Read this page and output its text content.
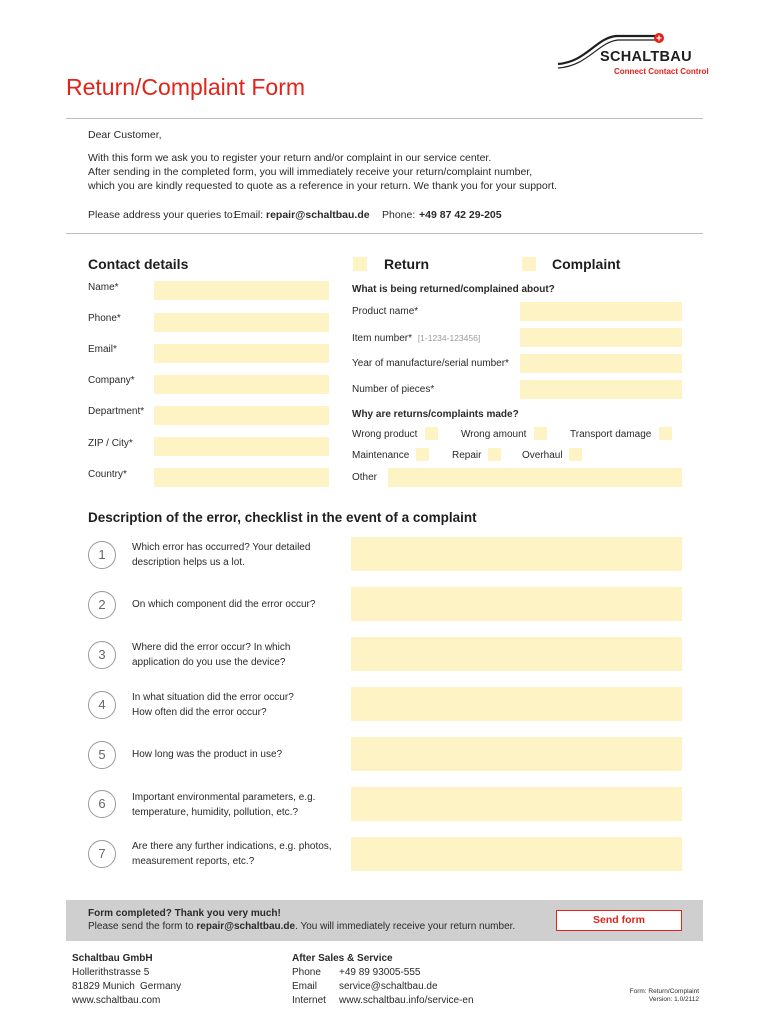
SCHALTBAU
Connect Contact Control
Return/Complaint Form
Dear Customer,
With this form we ask you to register your return and/or complaint in our service center.
After sending in the completed form, you will immediately receive your return/complaint number,
which you are kindly requested to quote as a reference in your return. We thank you for your support.
Please address your queries to:
Email: repair@schaltbau.de Phone: +49 87 42 29-205
Contact details
Name*
Phone*
Email*
Company*
Department*
ZIP / City*
Country*
Return	Complaint
What is being returned/complained about?
Product name*
Item number* [1-1234-123456]
Year of manufacture/serial number*
Number of pieces*
Why are returns/complaints made?
Wrong product	Wrong amount	Transport damage
Maintenance	Repair	Overhaul
Other
Description of the error, checklist in the event of a complaint
1	Which error has occurred? Your detailed
description helps us a lot.
2	On which component did the error occur?
3	Where did the error occur? In which
application do you use the device?
4	In what situation did the error occur?
How often did the error occur?
5	How long was the product in use?
6	Important environmental parameters, e.g.
temperature, humidity, pollution, etc.?
7	Are there any further indications, e.g. photos,
measurement reports, etc.?
Form completed? Thank you very much!
Please send the form to repair@schaltbau.de. You will immediately receive your return number.
Send form
Schaltbau GmbH
Hollerithstrasse 5
81829 Munich Germany
www.schaltbau.com
After Sales & Service
Phone +49 89 93005-555
Email service@schaltbau.de
Internet www.schaltbau.info/service-en
Form: Return/Complaint
Version: 1.0/2112
